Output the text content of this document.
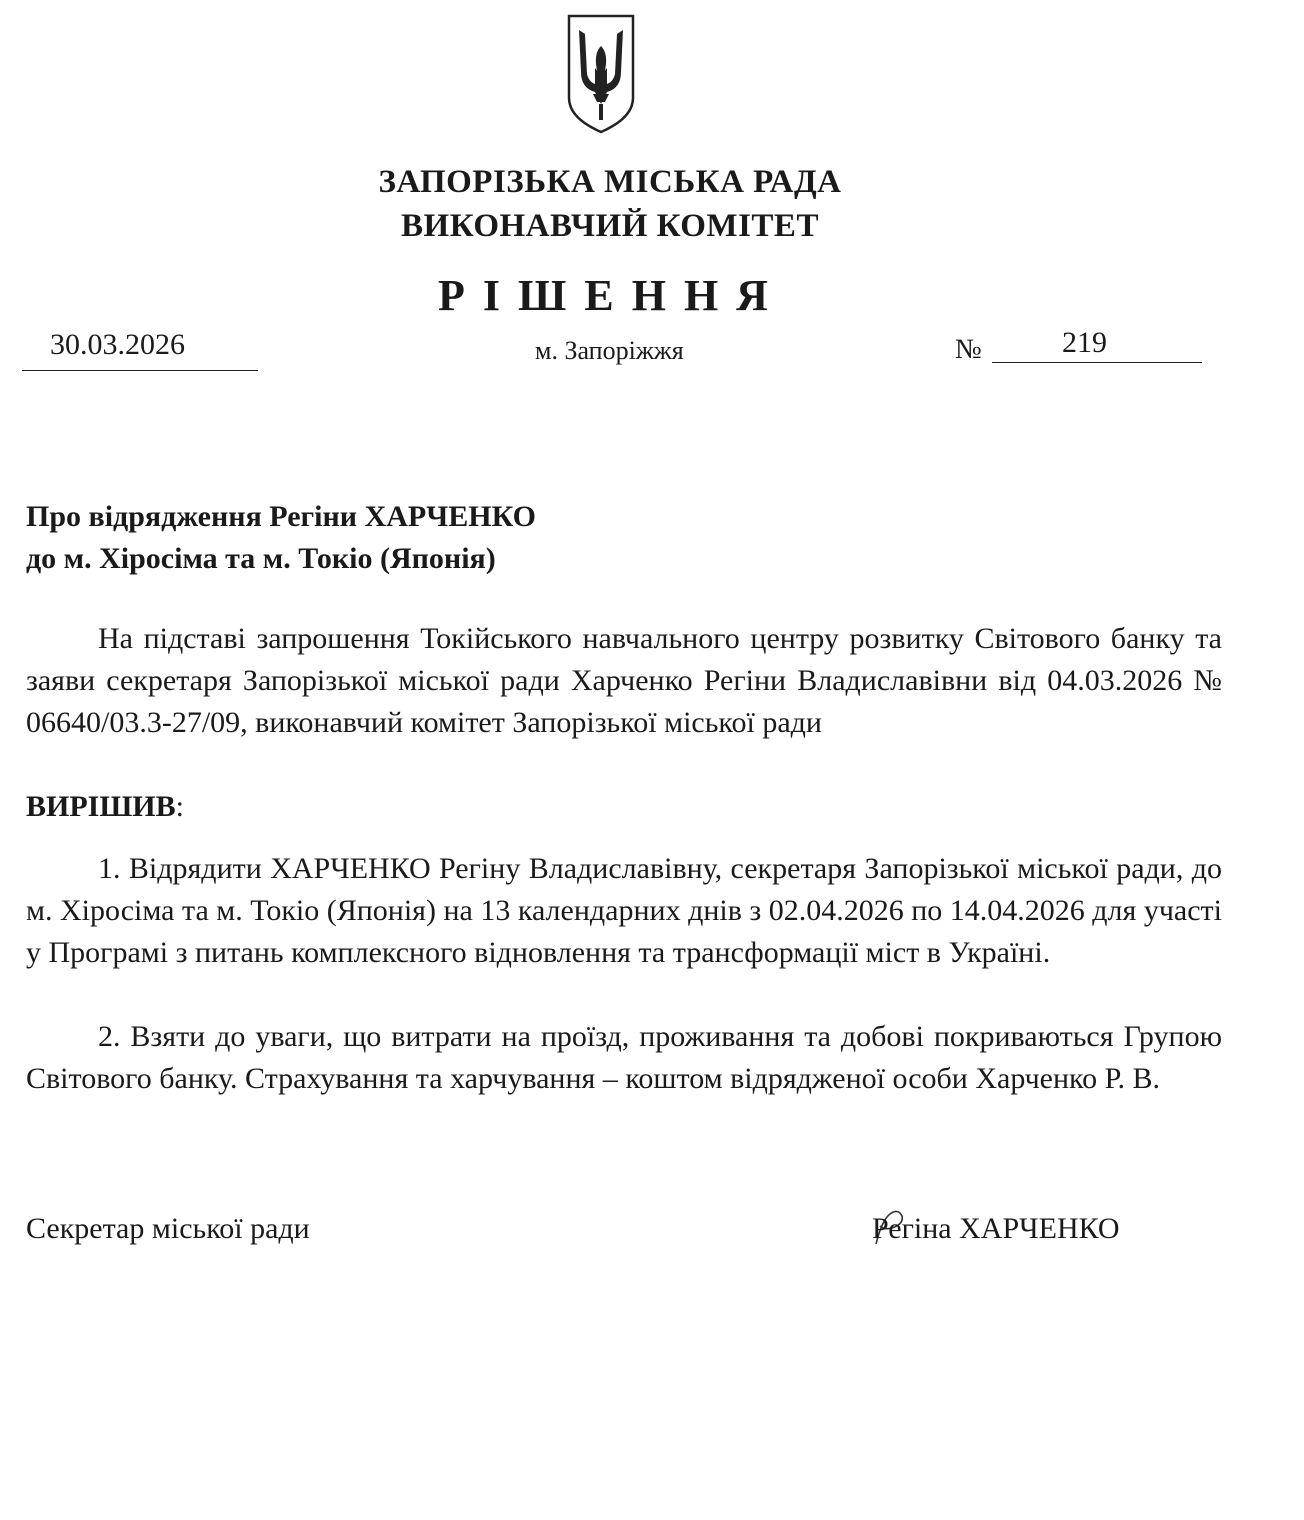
ЗАПОРІЗЬКА МІСЬКА РАДА
ВИКОНАВЧИЙ КОМІТЕТ
РІШЕННЯ
30.03.2026	м. Запоріжжя	№	219
Про відрядження Регіни ХАРЧЕНКО
до м. Хіросіма та м. Токіо (Японія)
На підставі запрошення Токійського навчального центру розвитку Світового банку та заяви секретаря Запорізької міської ради Харченко Регіни Владиславівни від 04.03.2026 № 06640/03.3-27/09, виконавчий комітет Запорізької міської ради
ВИРІШИВ:
1. Відрядити ХАРЧЕНКО Регіну Владиславівну, секретаря Запорізької міської ради, до м. Хіросіма та м. Токіо (Японія) на 13 календарних днів з 02.04.2026 по 14.04.2026 для участі у Програмі з питань комплексного відновлення та трансформації міст в Україні.
2. Взяти до уваги, що витрати на проїзд, проживання та добові покриваються Групою Світового банку. Страхування та харчування – коштом відрядженої особи Харченко Р. В.
Секретар міської ради	Регіна ХАРЧЕНКО
